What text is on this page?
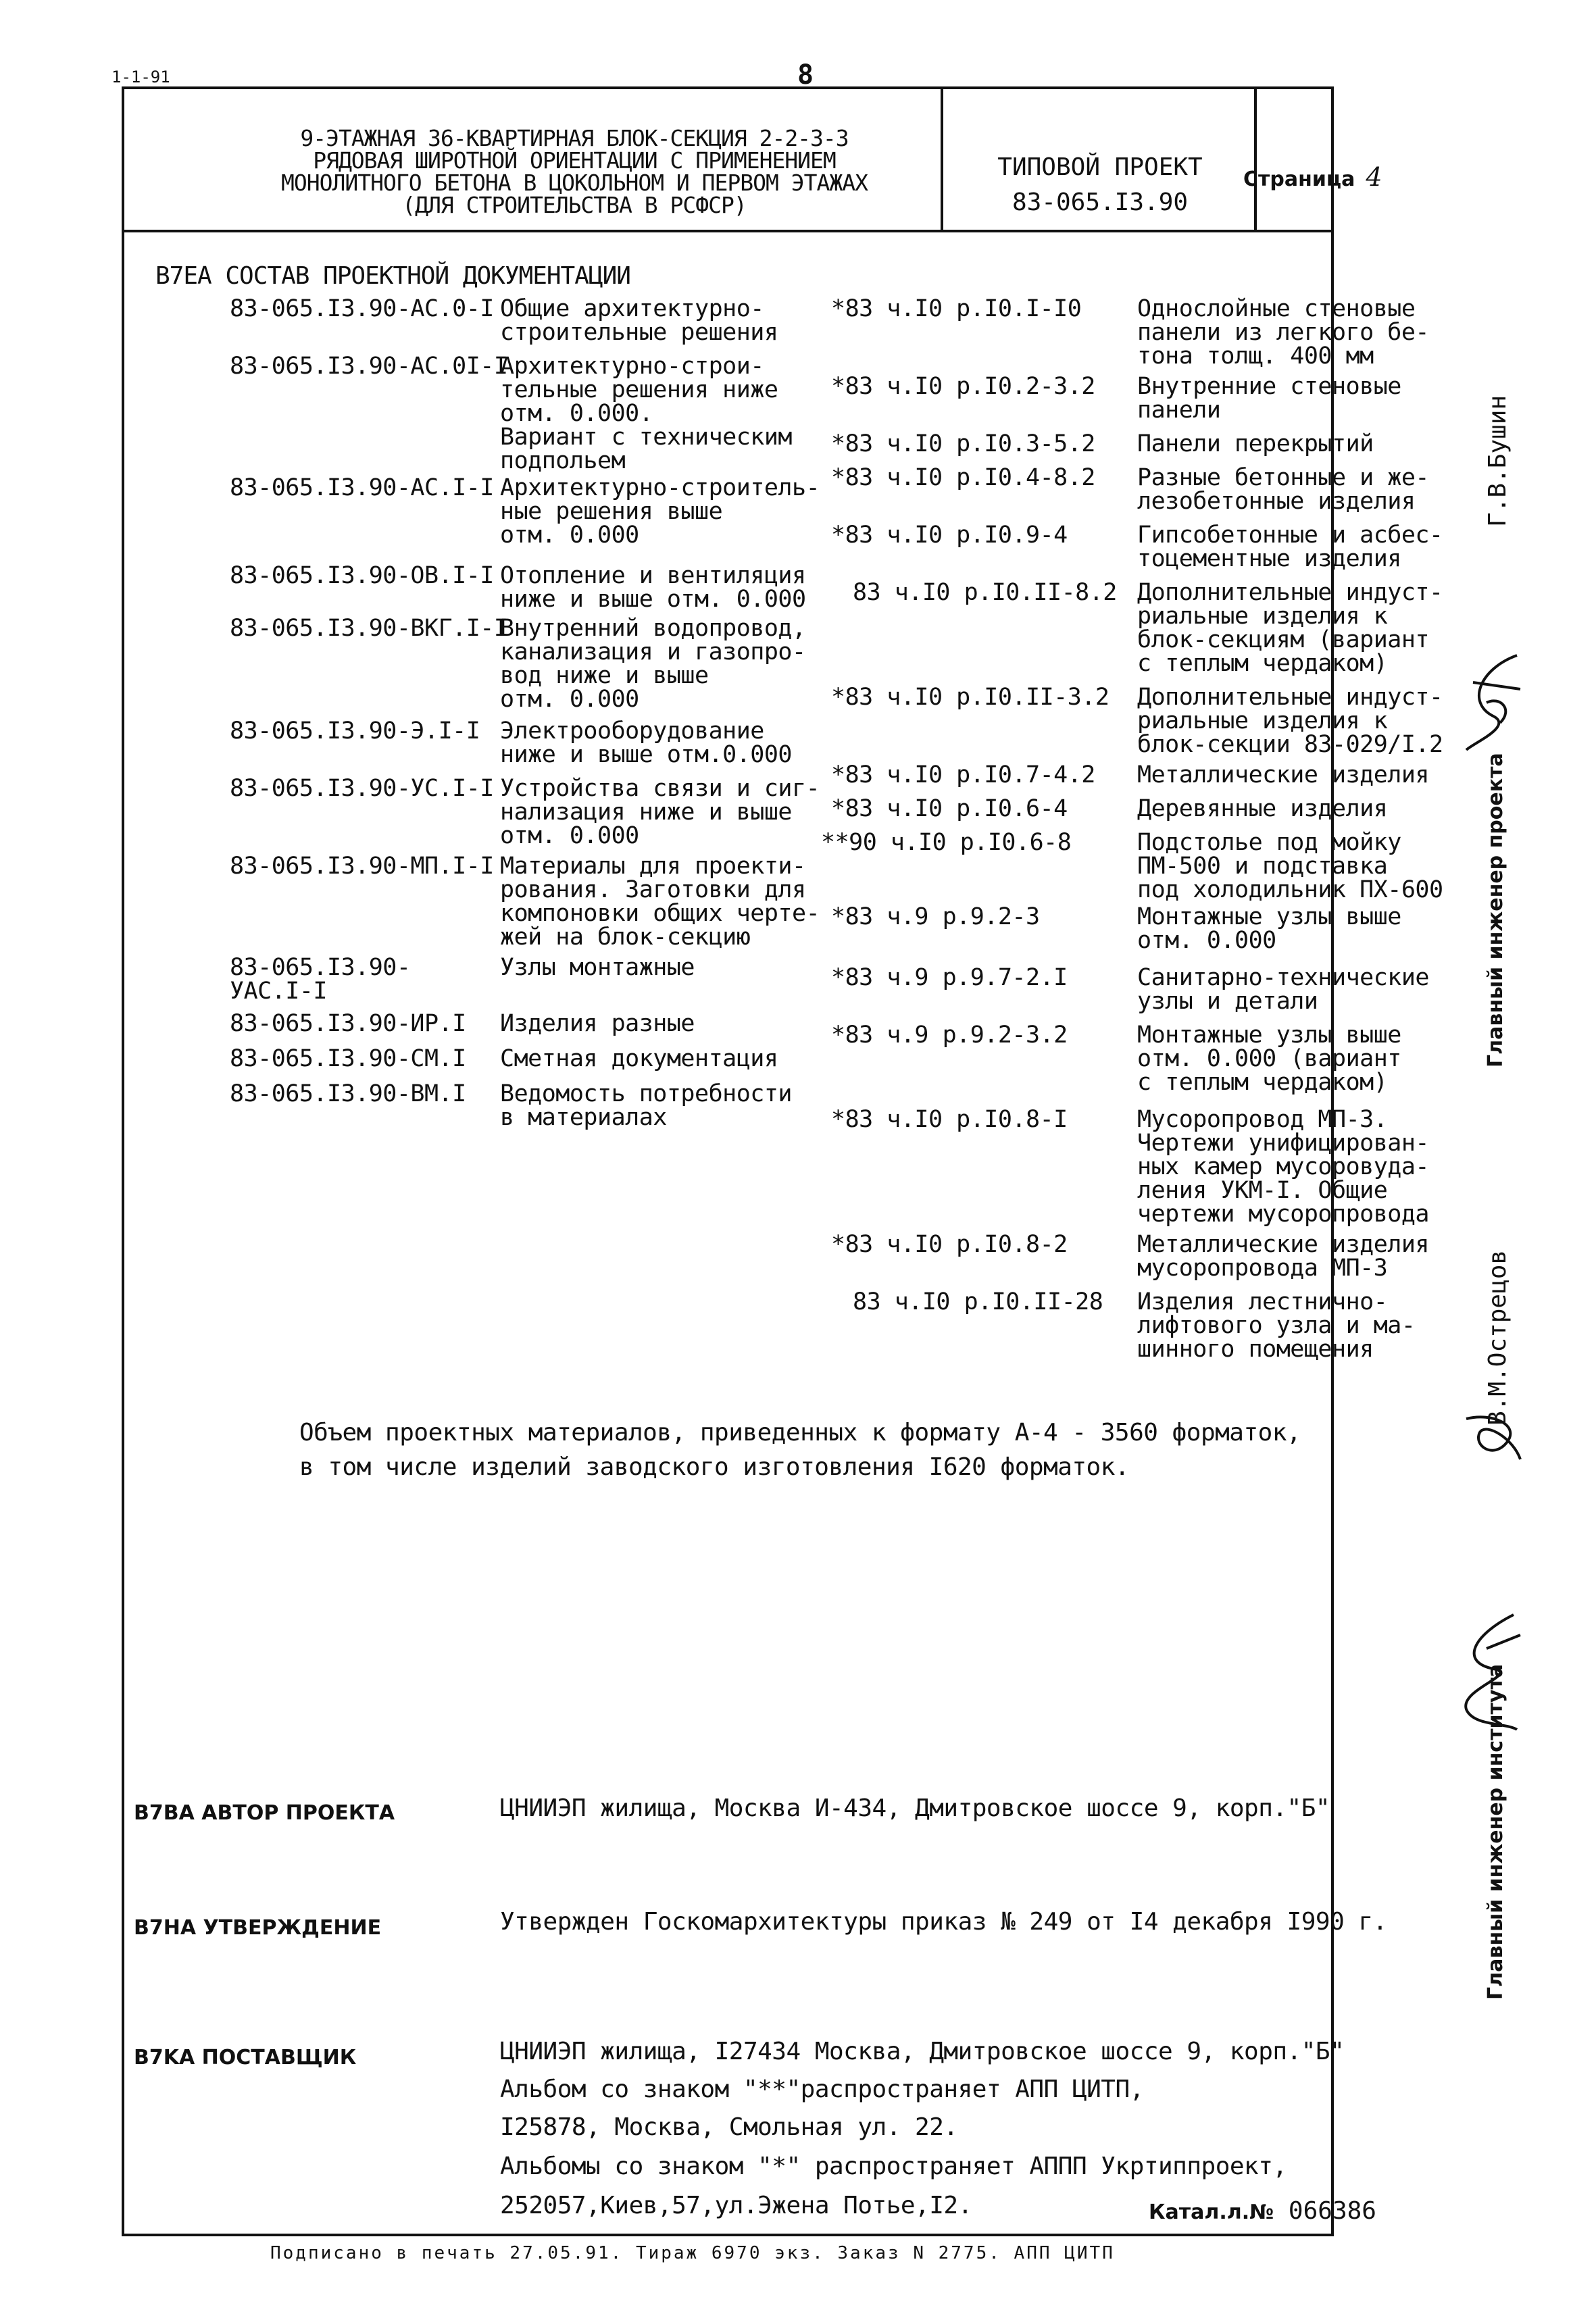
1-1-91	8
9-ЭТАЖНАЯ 36-КВАРТИРНАЯ БЛОК-СЕКЦИЯ 2-2-3-3
РЯДОВАЯ ШИРОТНОЙ ОРИЕНТАЦИИ С ПРИМЕНЕНИЕМ
МОНОЛИТНОГО БЕТОНА В ЦОКОЛЬНОМ И ПЕРВОМ ЭТАЖАХ
(ДЛЯ СТРОИТЕЛЬСТВА В РСФСР)
ТИПОВОЙ ПРОЕКТ
83-065.I3.90
Страница 4
B7EA СОСТАВ ПРОЕКТНОЙ ДОКУМЕНТАЦИИ
83-065.I3.90-АС.0-I Общие архитектурно-
строительные решения
83-065.I3.90-АС.0I-I
Архитектурно-строи-
тельные решения ниже
отм. 0.000.
Вариант с техническим
подпольем
83-065.I3.90-АС.I-I Архитектурно-строитель-
ные решения выше
отм. 0.000
83-065.I3.90-ОВ.I-I Отопление и вентиляция
ниже и выше отм. 0.000
83-065.I3.90-ВКГ.I-I
Внутренний водопровод,
канализация и газопро-
вод ниже и выше
отм. 0.000
83-065.I3.90-Э.I-I Электрооборудование
ниже и выше отм.0.000
83-065.I3.90-УС.I-I Устройства связи и сиг-
нализация ниже и выше
отм. 0.000
83-065.I3.90-МП.I-I Материалы для проекти-
рования. Заготовки для
компоновки общих черте-
жей на блок-секцию
83-065.I3.90-
УАС.I-I
Узлы монтажные
83-065.I3.90-ИР.I Изделия разные
83-065.I3.90-СМ.I Сметная документация
83-065.I3.90-ВМ.I Ведомость потребности
в материалах
*83 ч.I0 р.I0.I-I0 Однослойные стеновые
панели из легкого бе-
тона толщ. 400 мм
*83 ч.I0 р.I0.2-3.2 Внутренние стеновые
панели
*83 ч.I0 р.I0.3-5.2 Панели перекрытий
*83 ч.I0 р.I0.4-8.2 Разные бетонные и же-
лезобетонные изделия
*83 ч.I0 р.I0.9-4	Гипсобетонные и асбес-
тоцементные изделия
83 ч.I0 р.I0.II-8.2 Дополнительные индуст-
риальные изделия к
блок-секциям (вариант
с теплым чердаком)
*83 ч.I0 р.I0.II-3.2 Дополнительные индуст-
риальные изделия к
блок-секции 83-029/I.2
*83 ч.I0 р.I0.7-4.2 Металлические изделия
*83 ч.I0 р.I0.6-4	Деревянные изделия
**90 ч.I0 р.I0.6-8	Подстолье под мойку
ПМ-500 и подставка
под холодильник ПХ-600
*83 ч.9 р.9.2-3	Монтажные узлы выше
отм. 0.000
*83 ч.9 р.9.7-2.I	Санитарно-технические
узлы и детали
*83 ч.9 р.9.2-3.2	Монтажные узлы выше
отм. 0.000 (вариант
с теплым чердаком)
*83 ч.I0 р.I0.8-I	Мусоропровод МП-3.
Чертежи унифицирован-
ных камер мусоровуда-
ления УКМ-I. Общие
чертежи мусоропровода
*83 ч.I0 р.I0.8-2	Металлические изделия
мусоропровода МП-3
83 ч.I0 р.I0.II-28 Изделия лестнично-
лифтового узла и ма-
шинного помещения
Объем проектных материалов, приведенных к формату А-4 - 3560 форматок,
в том числе изделий заводского изготовления I620 форматок.
B7BA АВТОР ПРОЕКТА	ЦНИИЭП жилища, Москва И-434, Дмитровское шоссе 9, корп."Б"
B7HA УТВЕРЖДЕНИЕ	Утвержден Госкомархитектуры приказ № 249 от I4 декабря I990 г.
B7KA ПОСТАВЩИК	ЦНИИЭП жилища, I27434 Москва, Дмитровское шоссе 9, корп."Б"
Альбом со знаком "**"распространяет АПП ЦИТП,
I25878, Москва, Смольная ул. 22.
Альбомы со знаком "*" распространяет АППП Укртиппроект,
252057,Киев,57,ул.Эжена Потье,I2.	Катал.л.№ 066386
Подписано в печать 27.05.91. Тираж 6970 экз. Заказ N 2775. АПП ЦИТП
Главный инженер проекта
Г.В.Бушин
Главный инженер института
В.М.Острецов
